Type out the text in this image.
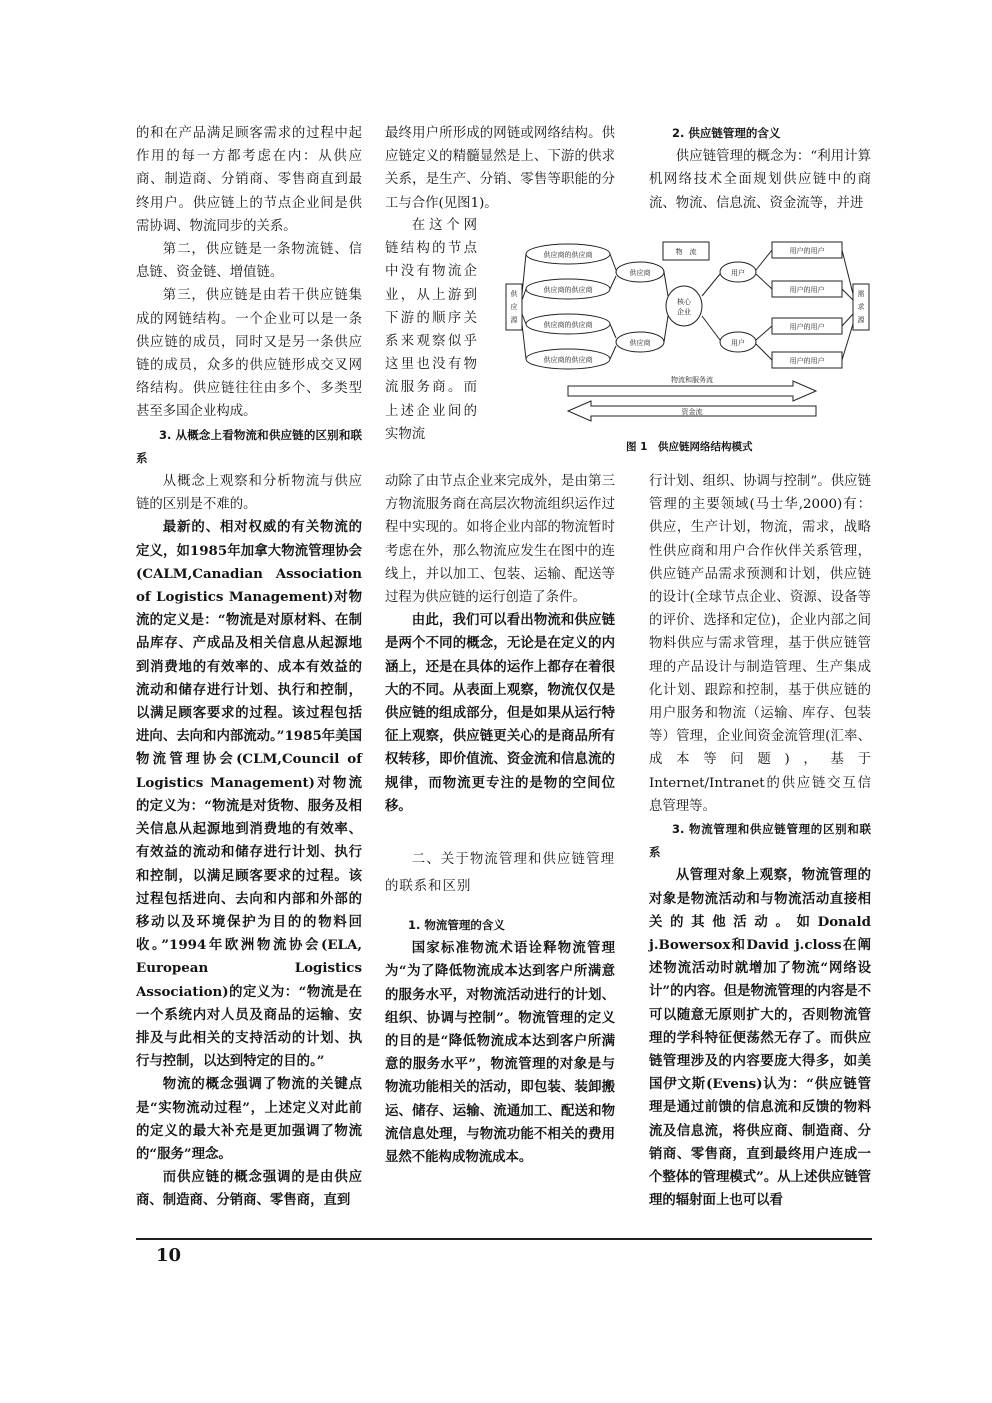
的和在产品满足顾客需求的过程中起作用的每一方都考虑在内：从供应商、制造商、分销商、零售商直到最终用户。供应链上的节点企业间是供需协调、物流同步的关系。

第二，供应链是一条物流链、信息链、资金链、增值链。

第三，供应链是由若干供应链集成的网链结构。一个企业可以是一条供应链的成员，同时又是另一条供应链的成员，众多的供应链形成交叉网络结构。供应链往往由多个、多类型甚至多国企业构成。

3. 从概念上看物流和供应链的区别和联系

从概念上观察和分析物流与供应链的区别是不难的。

最新的、相对权威的有关物流的定义，如1985年加拿大物流管理协会(CALM,Canadian Association of Logistics Management)对物流的定义是：“物流是对原材料、在制品库存、产成品及相关信息从起源地到消费地的有效率的、成本有效益的流动和储存进行计划、执行和控制，以满足顾客要求的过程。该过程包括进向、去向和内部流动。”1985年美国物流管理协会(CLM,Council of Logistics Management)对物流的定义为：“物流是对货物、服务及相关信息从起源地到消费地的有效率、有效益的流动和储存进行计划、执行和控制，以满足顾客要求的过程。该过程包括进向、去向和内部和外部的移动以及环境保护为目的的物料回收。”1994年欧洲物流协会(ELA, European Logistics Association)的定义为：“物流是在一个系统内对人员及商品的运输、安排及与此相关的支持活动的计划、执行与控制，以达到特定的目的。”

物流的概念强调了物流的关键点是“实物流动过程”，上述定义对此前的定义的最大补充是更加强调了物流的“服务”理念。

而供应链的概念强调的是由供应商、制造商、分销商、零售商，直到

最终用户所形成的网链或网络结构。供应链定义的精髓显然是上、下游的供求关系，是生产、分销、零售等职能的分工与合作(见图1)。

在这个网链结构的节点中没有物流企业，从上游到下游的顺序关系来观察似乎这里也没有物流服务商。而上述企业间的实物流

动除了由节点企业来完成外，是由第三方物流服务商在高层次物流组织运作过程中实现的。如将企业内部的物流暂时考虑在外，那么物流应发生在图中的连线上，并以加工、包装、运输、配送等过程为供应链的运行创造了条件。

由此，我们可以看出物流和供应链是两个不同的概念，无论是在定义的内涵上，还是在具体的运作上都存在着很大的不同。从表面上观察，物流仅仅是供应链的组成部分，但是如果从运行特征上观察，供应链更关心的是商品所有权转移，即价值流、资金流和信息流的规律，而物流更专注的是物的空间位移。

二、关于物流管理和供应链管理的联系和区别

1. 物流管理的含义

国家标准物流术语诠释物流管理为“为了降低物流成本达到客户所满意的服务水平，对物流活动进行的计划、组织、协调与控制”。物流管理的定义的目的是“降低物流成本达到客户所满意的服务水平”，物流管理的对象是与物流功能相关的活动，即包装、装卸搬运、储存、运输、流通加工、配送和物流信息处理，与物流功能不相关的费用显然不能构成物流成本。

2. 供应链管理的含义

供应链管理的概念为：“利用计算机网络技术全面规划供应链中的商流、物流、信息流、资金流等，并进

行计划、组织、协调与控制”。供应链管理的主要领域(马士华,2000)有：供应，生产计划，物流，需求，战略性供应商和用户合作伙伴关系管理，供应链产品需求预测和计划，供应链的设计(全球节点企业、资源、设备等的评价、选择和定位)，企业内部之间物料供应与需求管理，基于供应链管理的产品设计与制造管理、生产集成化计划、跟踪和控制，基于供应链的用户服务和物流（运输、库存、包装等）管理，企业间资金流管理(汇率、成本等问题)，基于Internet/Intranet的供应链交互信息管理等。

3. 物流管理和供应链管理的区别和联系

从管理对象上观察，物流管理的对象是物流活动和与物流活动直接相关的其他活动。如Donald j.Bowersox和David j.closs在阐述物流活动时就增加了物流“网络设计”的内容。但是物流管理的内容是不可以随意无原则扩大的，否则物流管理的学科特征便荡然无存了。而供应链管理涉及的内容要庞大得多，如美国伊文斯(Evens)认为：“供应链管理是通过前馈的信息流和反馈的物料流及信息流，将供应商、制造商、分销商、零售商，直到最终用户连成一个整体的管理模式”。从上述供应链管理的辐射面上也可以看

供应商的供应商
供应商的供应商
供应商的供应商
供应商的供应商
供应商
供应商
物　流
用户
用户
用户的用户
用户的用户
用户的用户
用户的用户
物流和服务流
资金流
核心
企业
供
应
源
需
求
源
图 1　供应链网络结构模式
10
